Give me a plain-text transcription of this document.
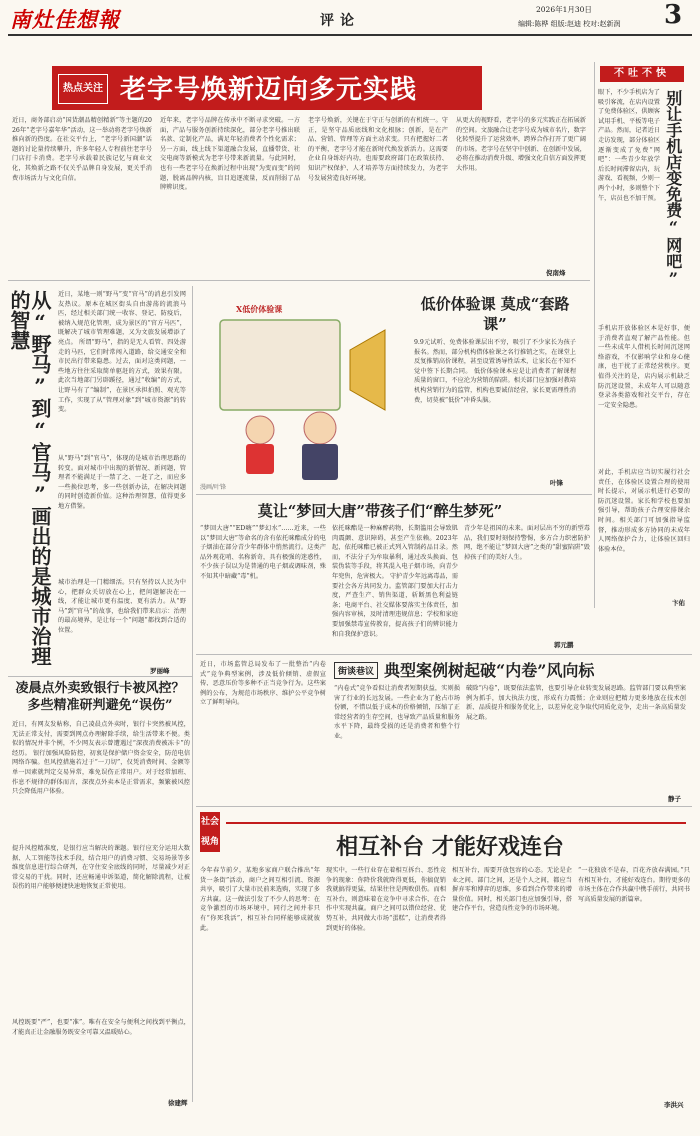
南灶佳想報	评论
2026年1月30日	3
编辑:陈桦 组版:赵迪 校对:赵新润
热点关注 老字号焕新迈向多元实践
近日，商务部启动“国货潮品精创精新”等主题的2026年“老字号嘉年华”活动，这一举动将老字号焕新推向新的热度。在社交平台上，“老字号新国潮”话题的讨论量持续攀升，许多年轻人专程前往老字号门店打卡消费。老字号承载着民族记忆与商业文化，其焕新之路不仅关乎品牌自身发展，更关乎消费市场活力与文化自信。
近年来，老字号品牌在传承中不断寻求突破。一方面，产品与服务创新持续深化，部分老字号推出联名款、定制化产品，满足年轻消费者个性化需求；另一方面，线上线下渠道融合发展，直播带货、社交电商等新模式为老字号带来新流量。与此同时，也有一些老字号在焕新过程中出现“为变而变”的问题，脱离品牌内核，盲目追逐流量，反而削弱了品牌辨识度。
老字号焕新，关键在于守正与创新的有机统一。守正，是坚守品质底线和文化根脉；创新，是在产品、营销、管理等方面主动求变。只有把握好二者的平衡，老字号才能在新时代焕发新活力。这需要企业自身练好内功，也需要政府部门在政策扶持、知识产权保护、人才培养等方面持续发力，为老字号发展营造良好环境。
从更大的视野看，老字号的多元实践正在拓展新的空间。文旅融合让老字号成为城市名片，数字化转型提升了运营效率，跨界合作打开了更广阔的市场。老字号在坚守中创新、在创新中发展，必将在推动消费升级、增强文化自信方面发挥更大作用。
倪南烽
不吐不快
眼下，不少手机店为了吸引客流，在店内设置了免费体验区，供顾客试用手机、平板等电子产品。然而，记者近日走访发现，部分体验区逐渐变成了免费“网吧”：一些青少年放学后长时间滞留店内，玩游戏、看视频，少则一两个小时，多则整个下午，店员也不加干预。 别让手机店变免费“网吧”
手机店开放体验区本是好事，便于消费者直观了解产品性能。但一些未成年人借机长时间沉迷网络游戏，不仅影响学业和身心健康，也干扰了正常经营秩序。更值得关注的是，店内展示机缺乏防沉迷设置，未成年人可以随意登录各类游戏和社交平台，存在一定安全隐患。
对此，手机店应当切实履行社会责任，在体验区设置合理的使用时长提示，对展示机进行必要的防沉迷设置。家长和学校也要加强引导，帮助孩子合理安排课余时间。相关部门可加强指导监督，推动形成多方协同的未成年人网络保护合力，让体验区回归体验本位。
卞佑
从“野马”到“官马”画出的是城市治理的智慧	近日，某地一则“野马”变“官马”的消息引发网友热议。原本在城区街头自由游荡的流浪马匹，经过相关部门统一收容、登记、防疫后，被纳入规范化管理，成为景区的“官方马匹”，既解决了城市管理难题，又为文旅发展增添了亮点。 所谓“野马”，指的是无人看管、四处游走的马匹，它们时常闯入道路，给交通安全和市民出行带来隐患。过去，面对这类问题，一些地方往往采取简单驱赶的方式，效果有限。此次当地部门另辟蹊径，通过“收编”的方式，让野马有了“编制”，在景区承担拍照、观光等工作，实现了从“管理对象”到“城市资源”的转变。
从“野马”到“官马”，体现的是城市治理思路的转变。面对城市中出现的新情况、新问题，管理者不能满足于一禁了之、一赶了之，而应多一些换位思考，多一些创新办法，在解决问题的同时创造新价值。这种治理智慧，值得更多地方借鉴。
城市治理是一门精细活。只有坚持以人民为中心，把群众关切放在心上，把问题解决在一线，才能让城市更有温度、更有活力。从“野马”到“官马”的故事，也给我们带来启示：治理的最高境界，是让每一个“问题”都找到合适的位置。
罗丽峰
凌晨点外卖致银行卡被风控？多些精准研判避免“误伤”
近日，有网友发帖称，自己凌晨点外卖时，银行卡突然被风控，无法正常支付，需要到网点办理解除手续，给生活带来不便。类似的情况并非个例，不少网友表示曾遭遇过“深夜消费被冻卡”的经历。 银行加强风险防控，初衷是保护储户资金安全，防范电信网络诈骗。但风控措施若过于“一刀切”，仅凭消费时间、金额等单一因素就判定交易异常，难免误伤正常用户。对于经常加班、作息不规律的群体而言，深夜点外卖本是正常需求，频繁被风控只会降低用户体验。
提升风控精准度，是银行应当解决的课题。银行应充分运用大数据、人工智能等技术手段，结合用户的消费习惯、交易场景等多维度信息进行综合研判，在守住安全底线的同时，尽量减少对正常交易的干扰。同时，还应畅通申诉渠道，简化解除流程，让被误伤的用户能够便捷快速地恢复正常使用。
风控既要“严”，也要“准”。唯有在安全与便利之间找到平衡点，才能真正让金融服务既安全可靠又温暖贴心。
徐建辉
X低价体验课	低价体验课 莫成“套路课”
9.9元试听、免费体验课层出不穷，吸引了不少家长为孩子报名。然而，部分机构借体验课之名行推销之实，在课堂上反复推销高价课程，甚至设置诱导性话术，让家长在不知不觉中签下长期合同。 低价体验课本应是让消费者了解课程质量的窗口，不应沦为营销的陷阱。相关部门应加强对教培机构营销行为的监管，机构也要诚信经营，家长更需理性消费，切莫被“低价”冲昏头脑。
叶锋
漫画/叶锋
莫让“梦回大唐”带孩子们“醉生梦死”
“梦回大唐”“ED嗨”“梦幻水”……近来，一些以“梦回大唐”等命名的含有依托咪酯成分的电子烟油在部分青少年群体中悄然流行。这类产品外观花哨、名称新奇，具有极强的迷惑性，不少孩子误以为是普通的电子烟或调味剂，殊不知其中暗藏“毒”机。
依托咪酯是一种麻醉药物，长期滥用会导致肌肉震颤、意识障碍，甚至产生依赖。2023年起，依托咪酯已被正式列入管制药品目录。然而，不法分子为牟取暴利，通过改头换面、包装伪装等手段，将其混入电子烟市场，向青少年兜售，危害极大。 守护青少年远离毒品，需要社会各方共同发力。监管部门要加大打击力度，严查生产、销售渠道，斩断黑色利益链条；电商平台、社交媒体要落实主体责任，加强内容审核，及时清理违规信息；学校和家庭要加强禁毒宣传教育，提高孩子们的辨识能力和自我保护意识。
青少年是祖国的未来。面对层出不穷的新型毒品，我们要时刻保持警惕，多方合力织密防护网，绝不能让“梦回大唐”之类的“甜蜜陷阱”毁掉孩子们的美好人生。
郭元鹏
近日，市场监管总局发布了一批整治“内卷式”竞争典型案例，涉及低价倾销、虚假宣传、恶意压价等多种不正当竞争行为。这些案例的公布，为规范市场秩序、维护公平竞争树立了鲜明导向。
街谈巷议 典型案例树起破“内卷”风向标
“内卷式”竞争看似让消费者短期获益，实则损害了行业的长远发展。一些企业为了抢占市场份额，不惜以低于成本的价格倾销，压缩了正常经营者的生存空间，也导致产品质量和服务水平下降，最终受损的还是消费者和整个行业。
破除“内卷”，既要依法监管，也要引导企业转变发展思路。监管部门要以典型案例为抓手，加大执法力度，形成有力震慑；企业则应把精力更多地放在技术创新、品质提升和服务优化上，以差异化竞争取代同质化竞争，走出一条高质量发展之路。
静子
社会
视角	相互补台 才能好戏连台
今年春节前夕，某地多家商户联合推出“年货一条街”活动，商户之间互相引流、资源共享，吸引了大量市民前来选购，实现了多方共赢。这一做法引发了不少人的思考：在竞争激烈的市场环境中，同行之间并非只有“你死我活”，相互补台同样能够成就彼此。
现实中，一些行业存在着相互拆台、恶性竞争的现象：你降价我就降得更低，你搞促销我就搞得更猛，结果往往是两败俱伤。而相互补台，则意味着在竞争中寻求合作，在合作中实现共赢。商户之间可以错位经营、优势互补，共同做大市场“蛋糕”，让消费者得到更好的体验。
相互补台，需要开放包容的心态。无论是企业之间、部门之间，还是个人之间，都应当摒弃零和博弈的思维，多看到合作带来的增量价值。同时，相关部门也应加强引导，搭建合作平台，营造良性竞争的市场环境。
“一花独放不是春，百花齐放春满园。”只有相互补台，才能好戏连台。期待更多的市场主体在合作共赢中携手前行，共同书写高质量发展的新篇章。
李洪兴
